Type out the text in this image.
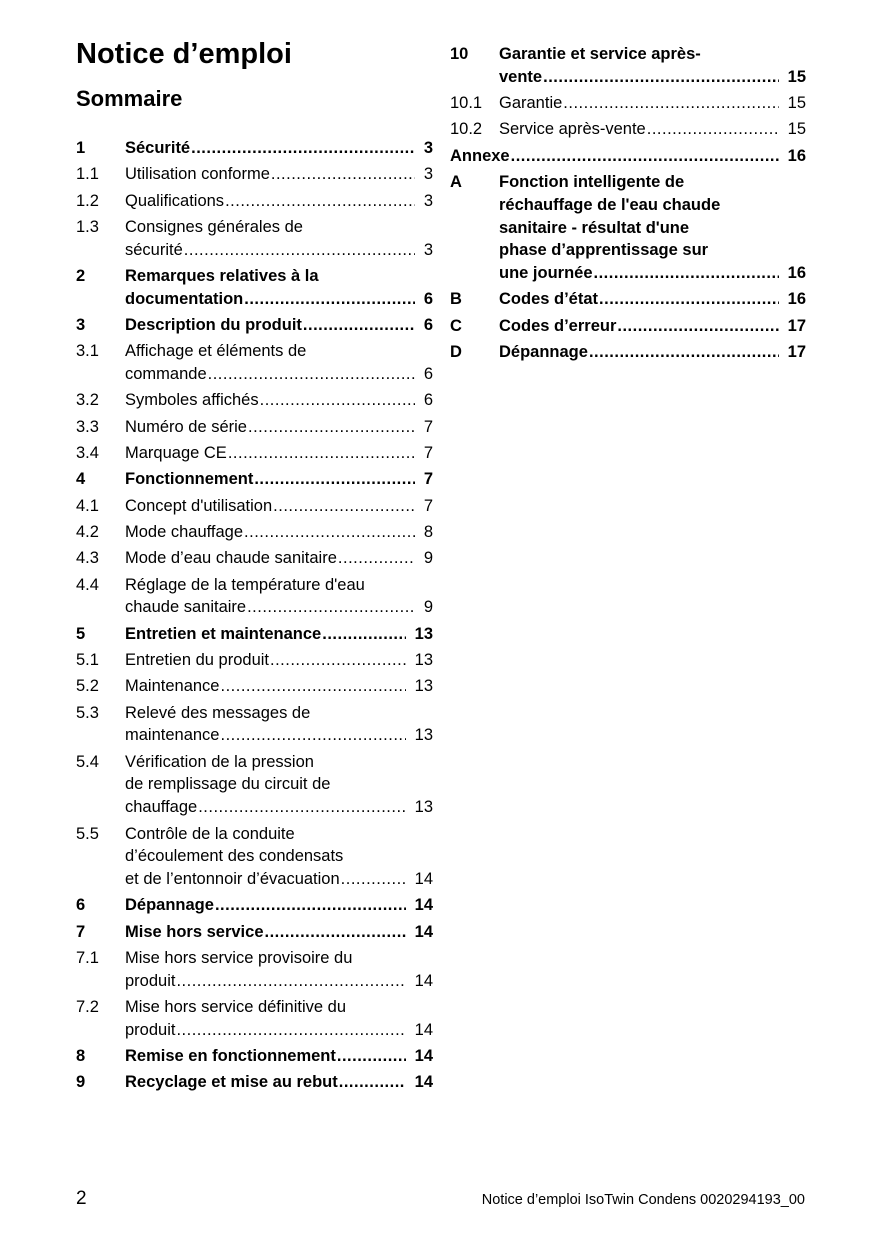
Notice d’emploi
Sommaire
1	Sécurité .....	3
1.1	Utilisation conforme .....	3
1.2	Qualifications .....	3
1.3	Consignes générales de
sécurité .....	3
2	Remarques relatives à la
documentation .....	6
3	Description du produit .....	6
3.1	Affichage et éléments de
commande .....	6
3.2	Symboles affichés .....	6
3.3	Numéro de série .....	7
3.4	Marquage CE .....	7
4	Fonctionnement .....	7
4.1	Concept d'utilisation .....	7
4.2	Mode chauffage .....	8
4.3	Mode d’eau chaude sanitaire .....	9
4.4	Réglage de la température d'eau
chaude sanitaire .....	9
5	Entretien et maintenance .....	13
5.1	Entretien du produit .....	13
5.2	Maintenance .....	13
5.3	Relevé des messages de
maintenance .....	13
5.4	Vérification de la pression
de remplissage du circuit de
chauffage .....	13
5.5	Contrôle de la conduite
d’écoulement des condensats
et de l’entonnoir d’évacuation .....	14
6	Dépannage .....	14
7	Mise hors service .....	14
7.1	Mise hors service provisoire du
produit .....	14
7.2	Mise hors service définitive du
produit .....	14
8	Remise en fonctionnement .....	14
9	Recyclage et mise au rebut .....	14
10	Garantie et service après-
vente .....	15
10.1	Garantie .....	15
10.2	Service après-vente .....	15
Annexe .....	16
A	Fonction intelligente de
réchauffage de l'eau chaude
sanitaire - résultat d'une
phase d’apprentissage sur
une journée .....	16
B	Codes d’état .....	16
C	Codes d’erreur .....	17
D	Dépannage .....	17
2	Notice d’emploi IsoTwin Condens 0020294193_00
